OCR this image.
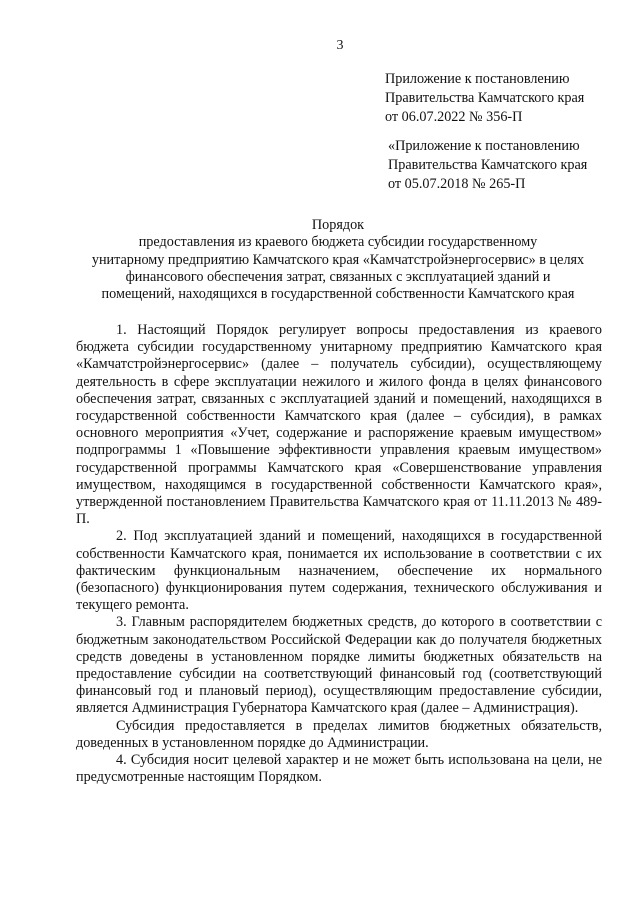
3
Приложение к постановлению
Правительства Камчатского края
от 06.07.2022 № 356-П
«Приложение к постановлению
Правительства Камчатского края
от 05.07.2018 № 265-П
Порядок
предоставления из краевого бюджета субсидии государственному
унитарному предприятию Камчатского края «Камчатстройэнергосервис» в целях
финансового обеспечения затрат, связанных с эксплуатацией зданий и
помещений, находящихся в государственной собственности Камчатского края

1. Настоящий Порядок регулирует вопросы предоставления из краевого бюджета субсидии государственному унитарному предприятию Камчатского края «Камчатстройэнергосервис» (далее – получатель субсидии), осуществляющему деятельность в сфере эксплуатации нежилого и жилого фонда в целях финансового обеспечения затрат, связанных с эксплуатацией зданий и помещений, находящихся в государственной собственности Камчатского края (далее – субсидия), в рамках основного мероприятия «Учет, содержание и распоряжение краевым имуществом» подпрограммы 1 «Повышение эффективности управления краевым имуществом» государственной программы Камчатского края «Совершенствование управления имуществом, находящимся в государственной собственности Камчатского края», утвержденной постановлением Правительства Камчатского края от 11.11.2013 № 489-П.

2. Под эксплуатацией зданий и помещений, находящихся в государственной собственности Камчатского края, понимается их использование в соответствии с их фактическим функциональным назначением, обеспечение их нормального (безопасного) функционирования путем содержания, технического обслуживания и текущего ремонта.

3. Главным распорядителем бюджетных средств, до которого в соответствии с бюджетным законодательством Российской Федерации как до получателя бюджетных средств доведены в установленном порядке лимиты бюджетных обязательств на предоставление субсидии на соответствующий финансовый год (соответствующий финансовый год и плановый период), осуществляющим предоставление субсидии, является Администрация Губернатора Камчатского края (далее – Администрация).

Субсидия предоставляется в пределах лимитов бюджетных обязательств, доведенных в установленном порядке до Администрации.

4. Субсидия носит целевой характер и не может быть использована на цели, не предусмотренные настоящим Порядком.
